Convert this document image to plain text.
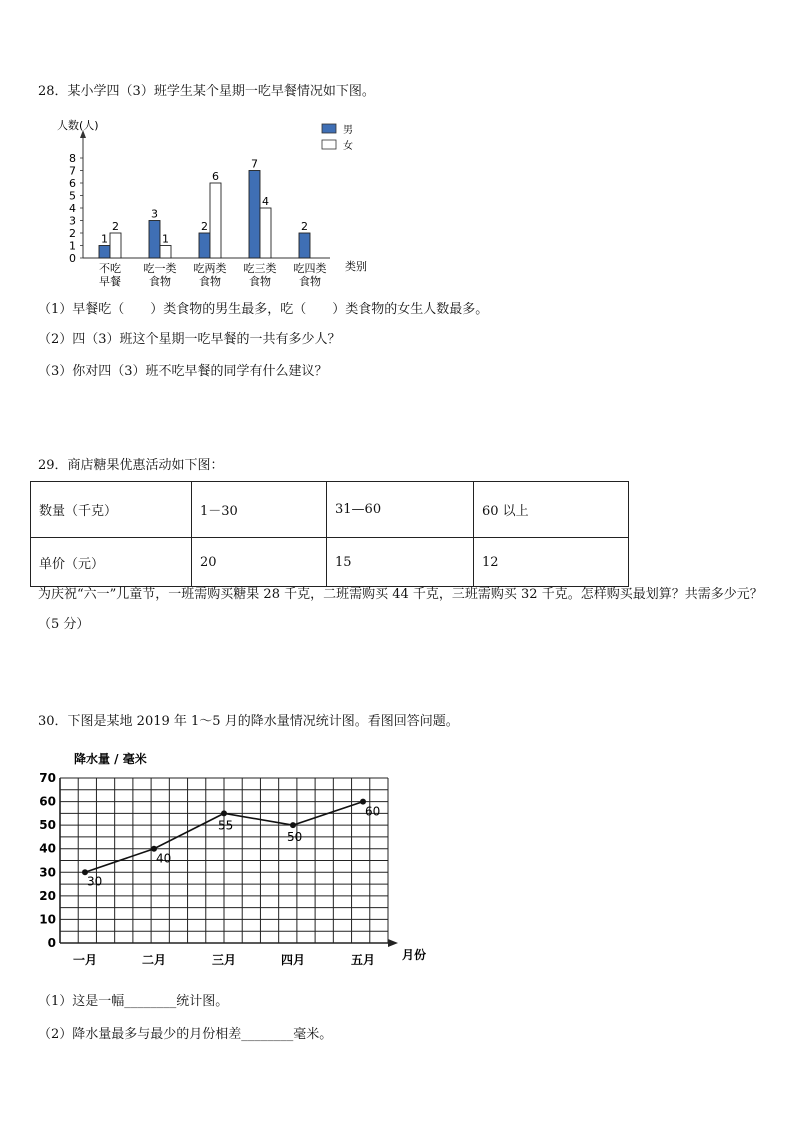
28．某小学四（3）班学生某个星期一吃早餐情况如下图。
人数(人)
类别
0
1
2
3
4
5
6
7
8
1
2
3
1
2
6
7
4
2
不吃
早餐
吃一类
食物
吃两类
食物
吃三类
食物
吃四类
食物
男
女
（1）早餐吃（　　）类食物的男生最多，吃（　　）类食物的女生人数最多。
（2）四（3）班这个星期一吃早餐的一共有多少人？
（3）你对四（3）班不吃早餐的同学有什么建议？
29．商店糖果优惠活动如下图：
数量（千克）	1－30	31—60	60 以上
单价（元）	20	15	12
为庆祝“六一”儿童节，一班需购买糖果 28 千克，二班需购买 44 千克，三班需购买 32 千克。怎样购买最划算？共需多少元？（5 分）
30．下图是某地 2019 年 1～5 月的降水量情况统计图。看图回答问题。
降水量 / 毫米
月份
0
10
20
30
40
50
60
70
一月	二月	三月	四月	五月
30
40
55
50
60
（1）这是一幅________统计图。
（2）降水量最多与最少的月份相差________毫米。
